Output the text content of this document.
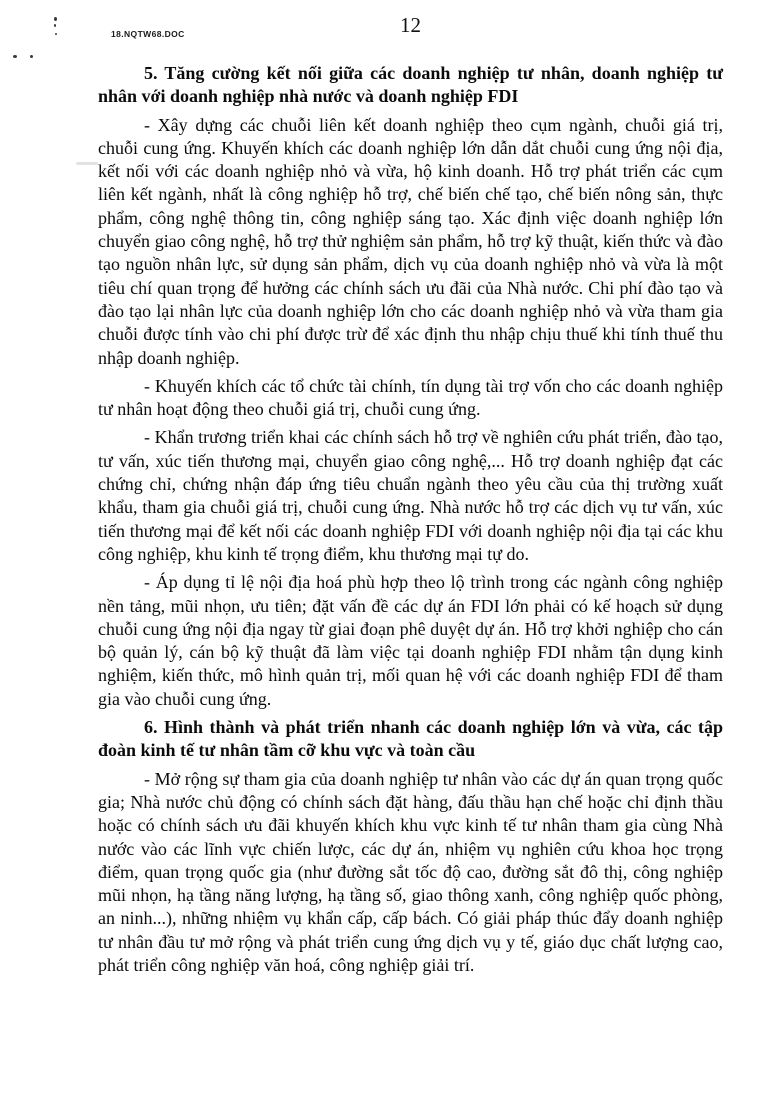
18.NQTW68.DOC	12

5. Tăng cường kết nối giữa các doanh nghiệp tư nhân, doanh nghiệp tư nhân với doanh nghiệp nhà nước và doanh nghiệp FDI

- Xây dựng các chuỗi liên kết doanh nghiệp theo cụm ngành, chuỗi giá trị, chuỗi cung ứng. Khuyến khích các doanh nghiệp lớn dẫn dắt chuỗi cung ứng nội địa, kết nối với các doanh nghiệp nhỏ và vừa, hộ kinh doanh. Hỗ trợ phát triển các cụm liên kết ngành, nhất là công nghiệp hỗ trợ, chế biến chế tạo, chế biến nông sản, thực phẩm, công nghệ thông tin, công nghiệp sáng tạo. Xác định việc doanh nghiệp lớn chuyển giao công nghệ, hỗ trợ thử nghiệm sản phẩm, hỗ trợ kỹ thuật, kiến thức và đào tạo nguồn nhân lực, sử dụng sản phẩm, dịch vụ của doanh nghiệp nhỏ và vừa là một tiêu chí quan trọng để hưởng các chính sách ưu đãi của Nhà nước. Chi phí đào tạo và đào tạo lại nhân lực của doanh nghiệp lớn cho các doanh nghiệp nhỏ và vừa tham gia chuỗi được tính vào chi phí được trừ để xác định thu nhập chịu thuế khi tính thuế thu nhập doanh nghiệp.

- Khuyến khích các tổ chức tài chính, tín dụng tài trợ vốn cho các doanh nghiệp tư nhân hoạt động theo chuỗi giá trị, chuỗi cung ứng.

- Khẩn trương triển khai các chính sách hỗ trợ về nghiên cứu phát triển, đào tạo, tư vấn, xúc tiến thương mại, chuyển giao công nghệ,... Hỗ trợ doanh nghiệp đạt các chứng chỉ, chứng nhận đáp ứng tiêu chuẩn ngành theo yêu cầu của thị trường xuất khẩu, tham gia chuỗi giá trị, chuỗi cung ứng. Nhà nước hỗ trợ các dịch vụ tư vấn, xúc tiến thương mại để kết nối các doanh nghiệp FDI với doanh nghiệp nội địa tại các khu công nghiệp, khu kinh tế trọng điểm, khu thương mại tự do.

- Áp dụng tỉ lệ nội địa hoá phù hợp theo lộ trình trong các ngành công nghiệp nền tảng, mũi nhọn, ưu tiên; đặt vấn đề các dự án FDI lớn phải có kế hoạch sử dụng chuỗi cung ứng nội địa ngay từ giai đoạn phê duyệt dự án. Hỗ trợ khởi nghiệp cho cán bộ quản lý, cán bộ kỹ thuật đã làm việc tại doanh nghiệp FDI nhằm tận dụng kinh nghiệm, kiến thức, mô hình quản trị, mối quan hệ với các doanh nghiệp FDI để tham gia vào chuỗi cung ứng.

6. Hình thành và phát triển nhanh các doanh nghiệp lớn và vừa, các tập đoàn kinh tế tư nhân tầm cỡ khu vực và toàn cầu

- Mở rộng sự tham gia của doanh nghiệp tư nhân vào các dự án quan trọng quốc gia; Nhà nước chủ động có chính sách đặt hàng, đấu thầu hạn chế hoặc chỉ định thầu hoặc có chính sách ưu đãi khuyến khích khu vực kinh tế tư nhân tham gia cùng Nhà nước vào các lĩnh vực chiến lược, các dự án, nhiệm vụ nghiên cứu khoa học trọng điểm, quan trọng quốc gia (như đường sắt tốc độ cao, đường sắt đô thị, công nghiệp mũi nhọn, hạ tầng năng lượng, hạ tầng số, giao thông xanh, công nghiệp quốc phòng, an ninh...), những nhiệm vụ khẩn cấp, cấp bách. Có giải pháp thúc đẩy doanh nghiệp tư nhân đầu tư mở rộng và phát triển cung ứng dịch vụ y tế, giáo dục chất lượng cao, phát triển công nghiệp văn hoá, công nghiệp giải trí.
